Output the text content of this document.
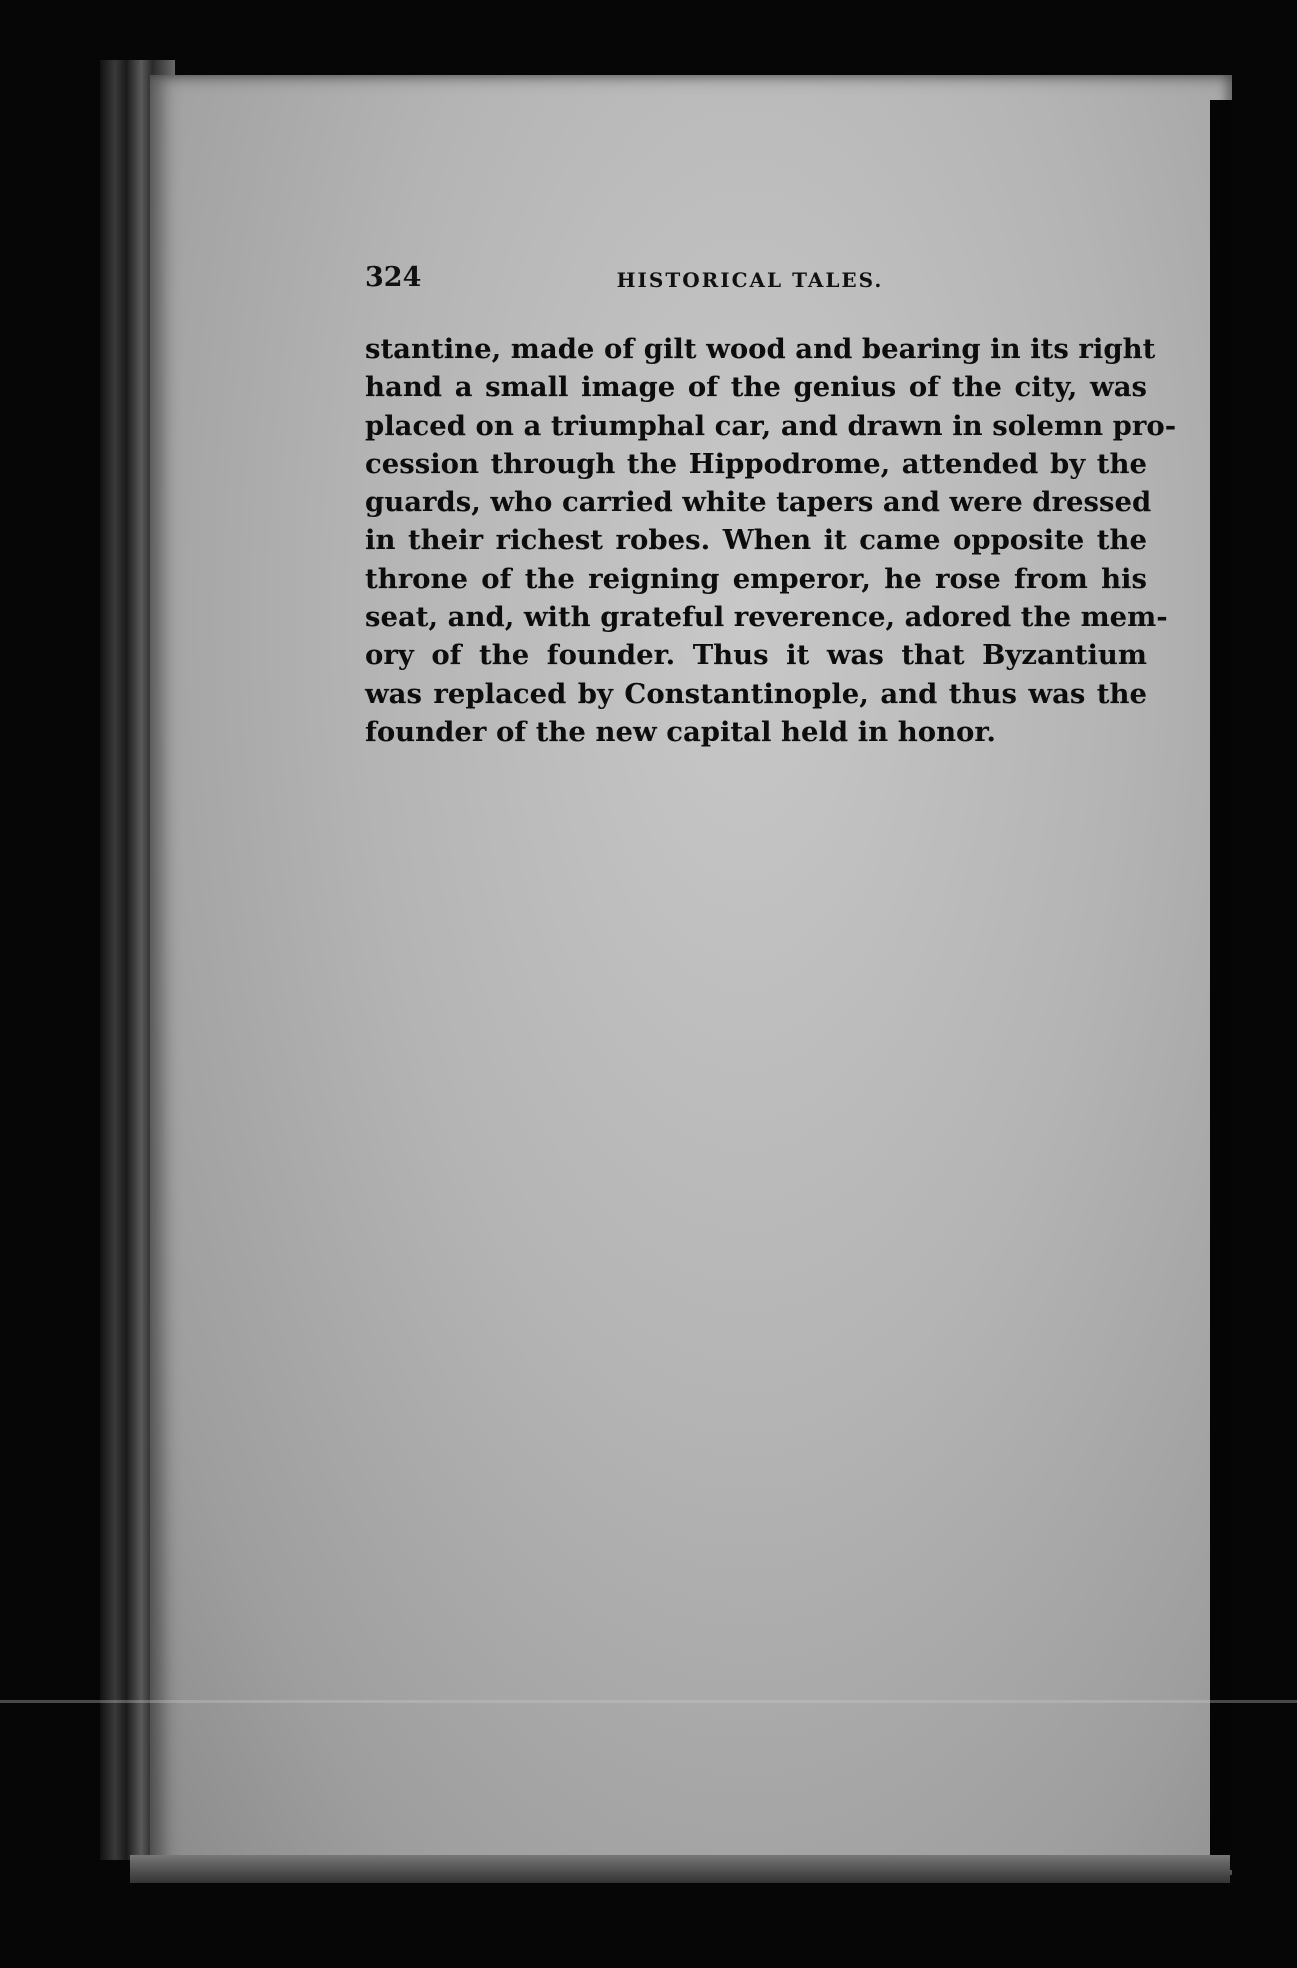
324	HISTORICAL TALES.
stantine, made of gilt wood and bearing in its right
hand a small image of the genius of the city, was
placed on a triumphal car, and drawn in solemn pro-
cession through the Hippodrome, attended by the
guards, who carried white tapers and were dressed
in their richest robes. When it came opposite the
throne of the reigning emperor, he rose from his
seat, and, with grateful reverence, adored the mem-
ory of the founder. Thus it was that Byzantium
was replaced by Constantinople, and thus was the
founder of the new capital held in honor.
